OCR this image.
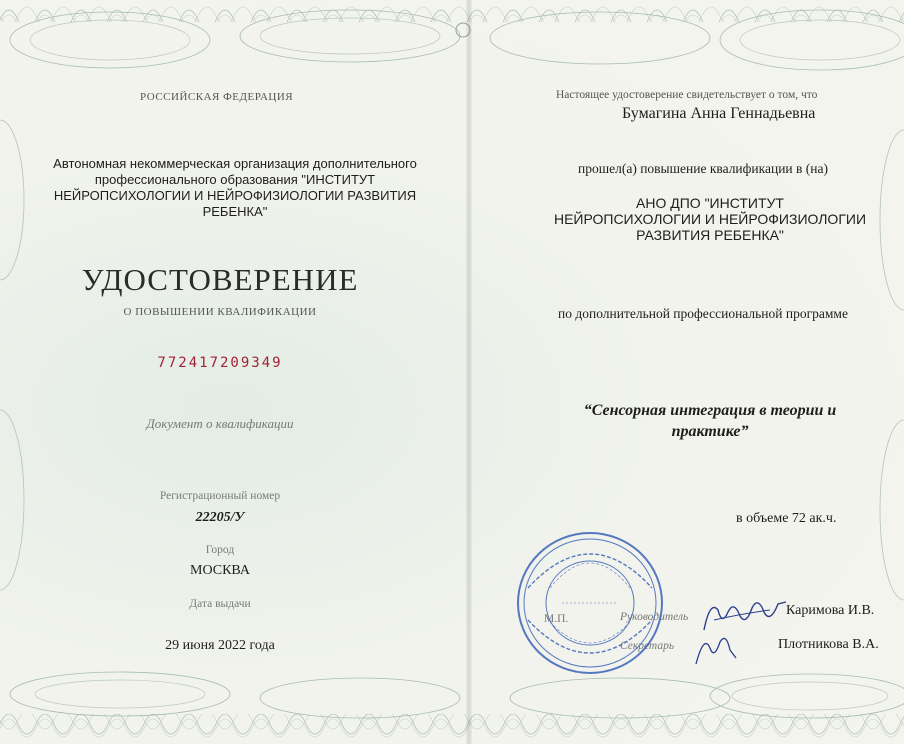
РОССИЙСКАЯ ФЕДЕРАЦИЯ
Автономная некоммерческая организация дополнительного
профессионального образования "ИНСТИТУТ
НЕЙРОПСИХОЛОГИИ И НЕЙРОФИЗИОЛОГИИ РАЗВИТИЯ
РЕБЕНКА"
УДОСТОВЕРЕНИЕ
О ПОВЫШЕНИИ КВАЛИФИКАЦИИ
772417209349
Документ о квалификации
Регистрационный номер
22205/У
Город
МОСКВА
Дата выдачи
29 июня 2022 года
Настоящее удостоверение свидетельствует о том, что
Бумагина Анна Геннадьевна
прошел(а) повышение квалификации в (на)
АНО ДПО "ИНСТИТУТ
НЕЙРОПСИХОЛОГИИ И НЕЙРОФИЗИОЛОГИИ
РАЗВИТИЯ РЕБЕНКА"
по дополнительной профессиональной программе
“Сенсорная интеграция в теории и
практике”
в объеме 72 ак.ч.
М.П.	Руководитель	Каримова И.В.
Секретарь	Плотникова В.А.
